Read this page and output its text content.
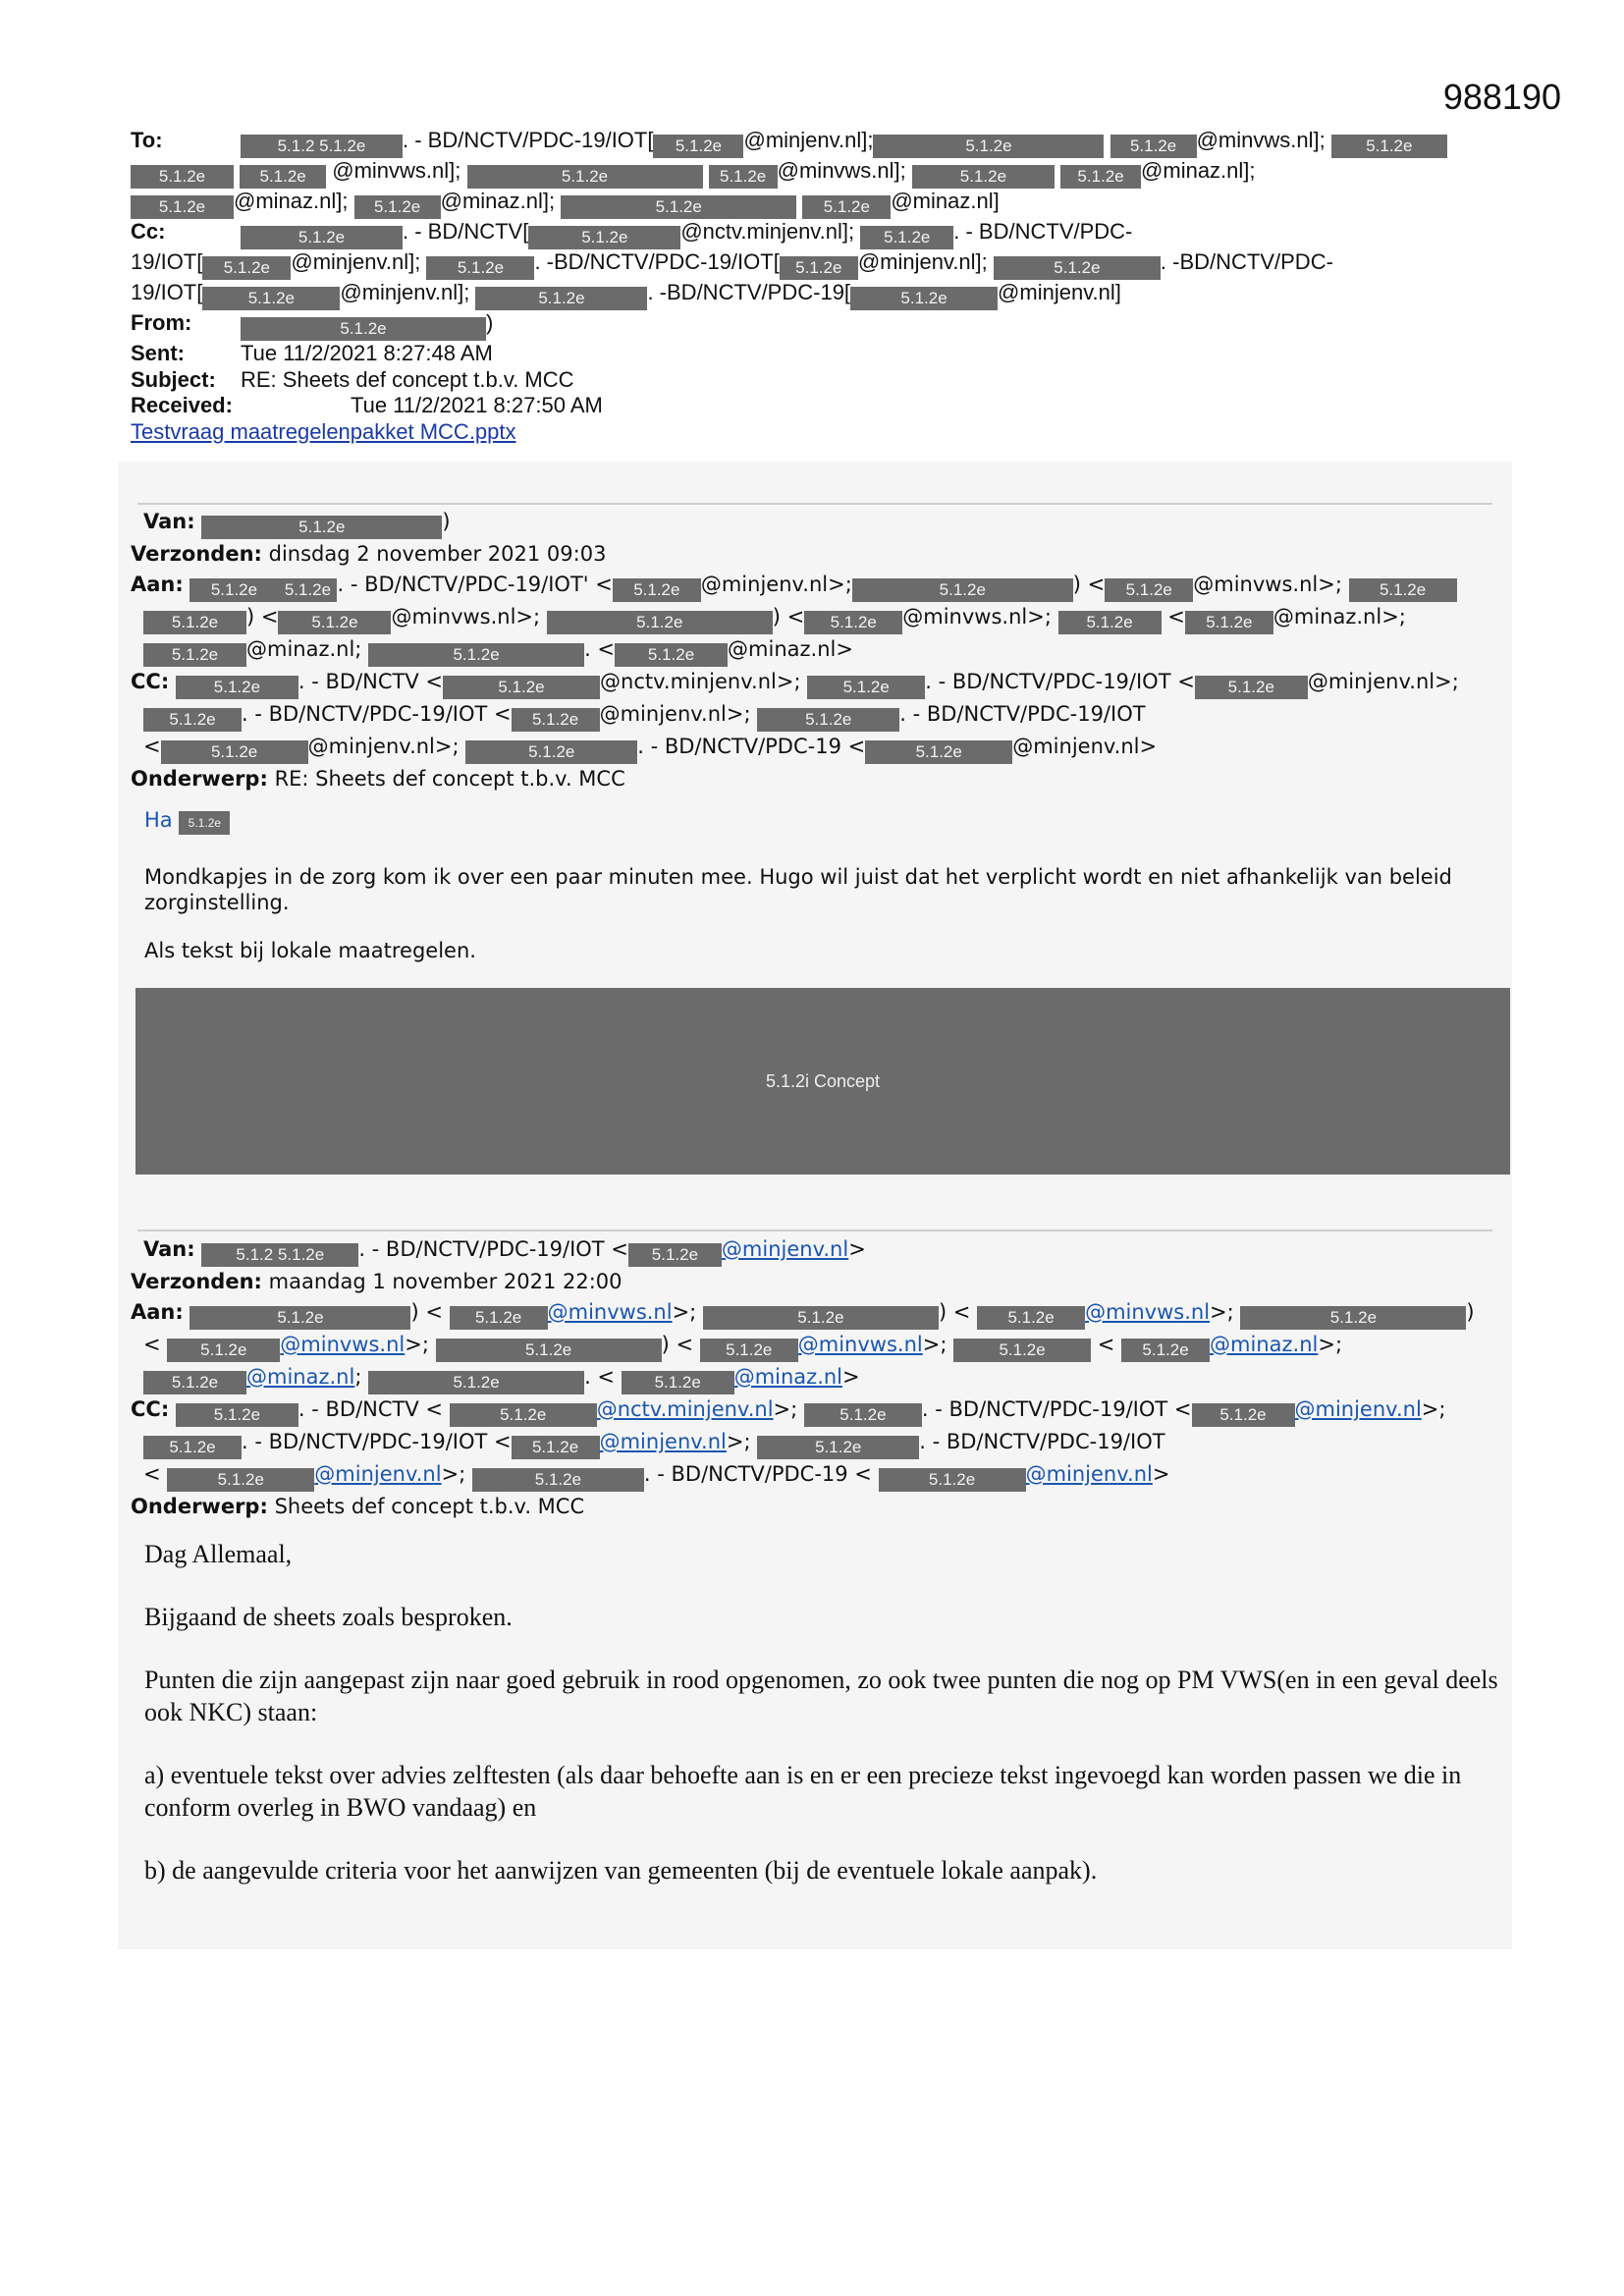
988190
To:	5.1.2 5.1.2e . - BD/NCTV/PDC-19/IOT[ 5.1.2e @minjenv.nl];	5.1.2e	5.1.2e @minvws.nl]; 5.1.2e
5.1.2e	5.1.2e @minvws.nl];	5.1.2e	5.1.2e @minvws.nl];	5.1.2e	5.1.2e @minaz.nl];
5.1.2e @minaz.nl]; 5.1.2e @minaz.nl];	5.1.2e	5.1.2e @minaz.nl]
Cc:	5.1.2e	. - BD/NCTV[	5.1.2e @nctv.minjenv.nl]; 5.1.2e . - BD/NCTV/PDC-
19/IOT[ 5.1.2e @minjenv.nl]; 5.1.2e . -BD/NCTV/PDC-19/IOT[ 5.1.2e @minjenv.nl];	5.1.2e	. -BD/NCTV/PDC-
19/IOT[	5.1.2e @minjenv.nl];	5.1.2e	. -BD/NCTV/PDC-19[	5.1.2e @minjenv.nl]
From:	5.1.2e	)
Sent:	Tue 11/2/2021 8:27:48 AM
Subject: RE: Sheets def concept t.b.v. MCC
Received:	Tue 11/2/2021 8:27:50 AM
Testvraag maatregelenpakket MCC.pptx
Van:	5.1.2e	)
Verzonden: dinsdag 2 november 2021 09:03
Aan: 5.1.2e 5.1.2e . - BD/NCTV/PDC-19/IOT' < 5.1.2e @minjenv.nl>;	5.1.2e	) < 5.1.2e @minvws.nl>; 5.1.2e
5.1.2e ) < 5.1.2e @minvws.nl>;	5.1.2e	) < 5.1.2e @minvws.nl>; 5.1.2e < 5.1.2e @minaz.nl>;
5.1.2e @minaz.nl;	5.1.2e	. < 5.1.2e @minaz.nl>
CC:	5.1.2e . - BD/NCTV <	5.1.2e	@nctv.minjenv.nl>;	5.1.2e . - BD/NCTV/PDC-19/IOT < 5.1.2e @minjenv.nl>;
5.1.2e . - BD/NCTV/PDC-19/IOT < 5.1.2e @minjenv.nl>;	5.1.2e . - BD/NCTV/PDC-19/IOT
<	5.1.2e @minjenv.nl>;	5.1.2e	. - BD/NCTV/PDC-19 <	5.1.2e @minjenv.nl>
Onderwerp: RE: Sheets def concept t.b.v. MCC
Ha 5.1.2e
Mondkapjes in de zorg kom ik over een paar minuten mee. Hugo wil juist dat het verplicht wordt en niet afhankelijk van beleid zorginstelling.
Als tekst bij lokale maatregelen.
5.1.2i Concept
Van: 5.1.2 5.1.2e . - BD/NCTV/PDC-19/IOT < 5.1.2e @minjenv.nl>
Verzonden: maandag 1 november 2021 22:00
Aan:	5.1.2e	) < 5.1.2e @minvws.nl>;	5.1.2e	) < 5.1.2e @minvws.nl>;	5.1.2e	)
< 5.1.2e @minvws.nl>;	5.1.2e	) < 5.1.2e @minvws.nl>;	5.1.2e < 5.1.2e @minaz.nl>;
5.1.2e @minaz.nl;	5.1.2e	. < 5.1.2e @minaz.nl>
CC:	5.1.2e . - BD/NCTV <	5.1.2e @nctv.minjenv.nl>; 5.1.2e . - BD/NCTV/PDC-19/IOT < 5.1.2e @minjenv.nl>;
5.1.2e . - BD/NCTV/PDC-19/IOT < 5.1.2e @minjenv.nl>;	5.1.2e	. - BD/NCTV/PDC-19/IOT
<	5.1.2e @minjenv.nl>;	5.1.2e	. - BD/NCTV/PDC-19 <	5.1.2e @minjenv.nl>
Onderwerp: Sheets def concept t.b.v. MCC

Dag Allemaal,

Bijgaand de sheets zoals besproken.

Punten die zijn aangepast zijn naar goed gebruik in rood opgenomen, zo ook twee punten die nog op PM VWS(en in een geval deels ook NKC) staan:

a) eventuele tekst over advies zelftesten (als daar behoefte aan is en er een precieze tekst ingevoegd kan worden passen we die in conform overleg in BWO vandaag) en

b) de aangevulde criteria voor het aanwijzen van gemeenten (bij de eventuele lokale aanpak).
